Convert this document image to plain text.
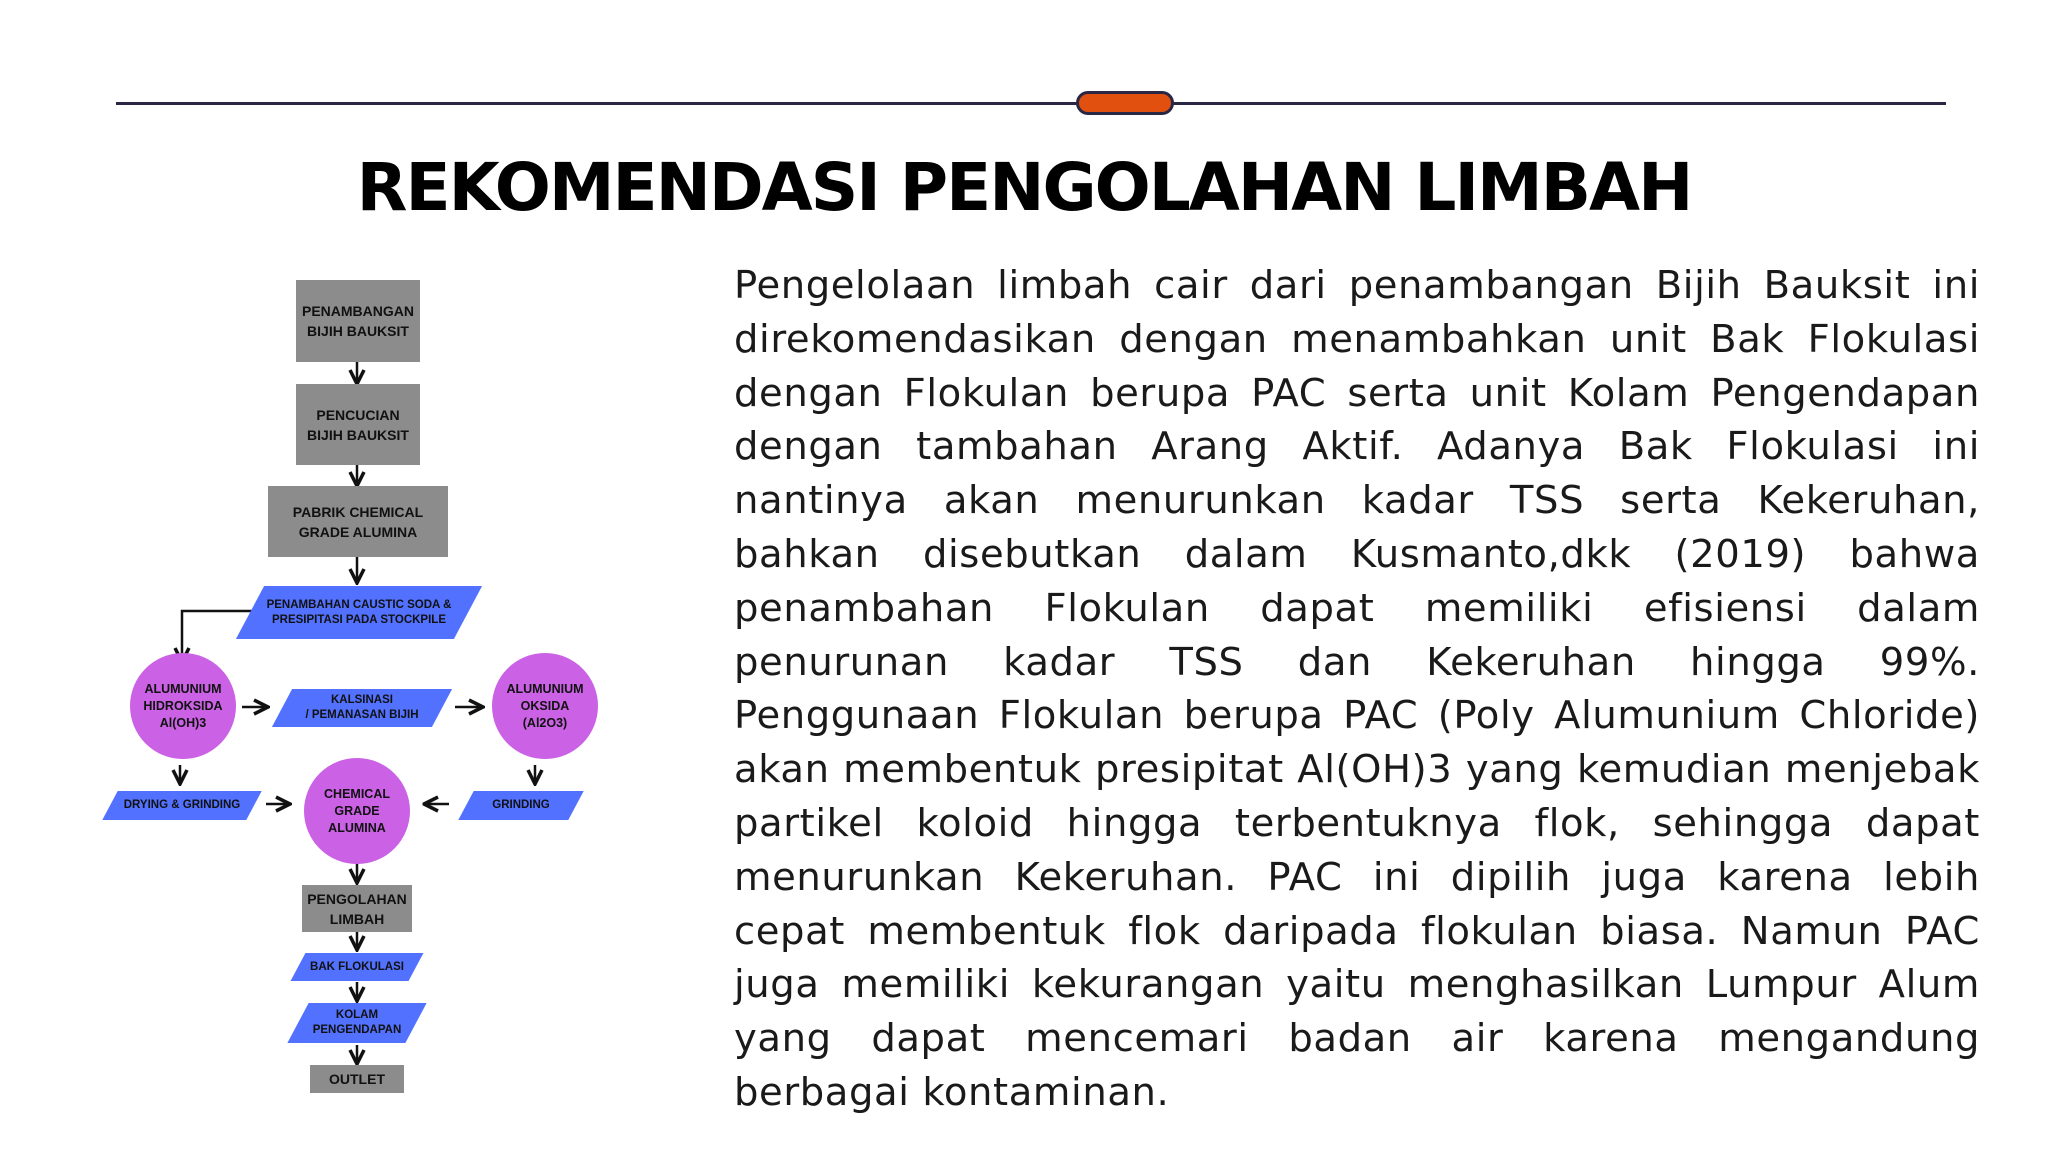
REKOMENDASI PENGOLAHAN LIMBAH

Pengelolaan limbah cair dari penambangan Bijih Bauksit ini direkomendasikan dengan menambahkan unit Bak Flokulasi dengan Flokulan berupa PAC serta unit Kolam Pengendapan dengan tambahan Arang Aktif. Adanya Bak Flokulasi ini nantinya akan menurunkan kadar TSS serta Kekeruhan, bahkan disebutkan dalam Kusmanto,dkk (2019) bahwa penambahan Flokulan dapat memiliki efisiensi dalam penurunan kadar TSS dan Kekeruhan hingga 99%. Penggunaan Flokulan berupa PAC (Poly Alumunium Chloride) akan membentuk presipitat Al(OH)3 yang kemudian menjebak partikel koloid hingga terbentuknya flok, sehingga dapat menurunkan Kekeruhan. PAC ini dipilih juga karena lebih cepat membentuk flok daripada flokulan biasa. Namun PAC juga memiliki kekurangan yaitu menghasilkan Lumpur Alum yang dapat mencemari badan air karena mengandung berbagai kontaminan.

PENAMBANGAN
BIJIH BAUKSIT
PENCUCIAN
BIJIH BAUKSIT
PABRIK CHEMICAL
GRADE ALUMINA
PENAMBAHAN CAUSTIC SODA &
PRESIPITASI PADA STOCKPILE
ALUMUNIUM
HIDROKSIDA
Al(OH)3
KALSINASI
/ PEMANASAN BIJIH
ALUMUNIUM
OKSIDA
(Al2O3)
DRYING & GRINDING
CHEMICAL
GRADE
ALUMINA
GRINDING
PENGOLAHAN
LIMBAH
BAK FLOKULASI
KOLAM
PENGENDAPAN
OUTLET
